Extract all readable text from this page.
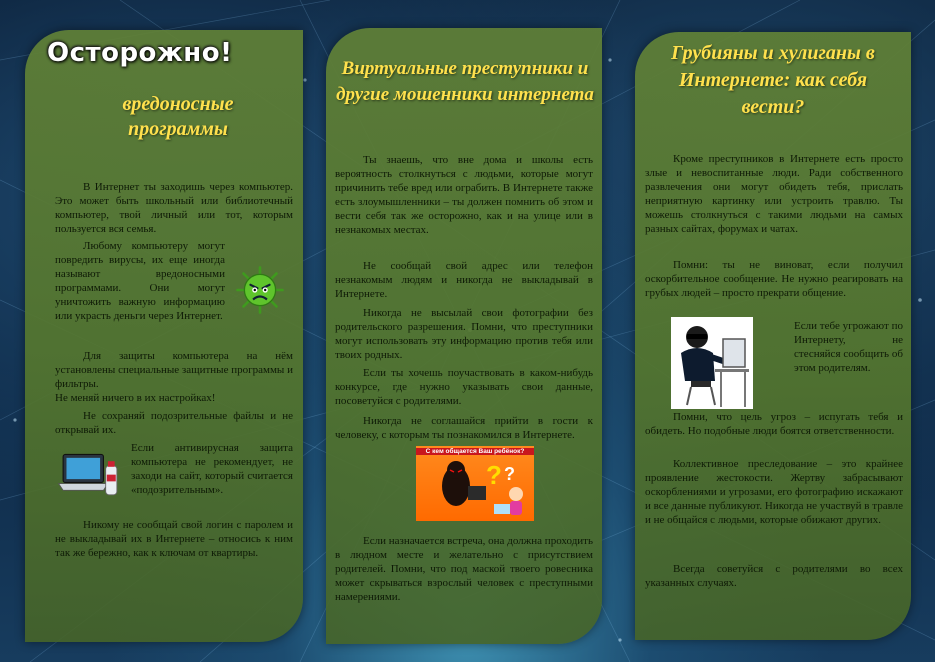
Осторожно!
вредоносные программы

В Интернет ты заходишь через компьютер. Это может быть школьный или библиотечный компьютер, твой личный или тот, которым пользуется вся семья.

Любому компьютеру могут повредить вирусы, их еще иногда называют вредоносными программами. Они могут уничтожить важную информацию или украсть деньги через Интернет.

Для защиты компьютера на нём установлены специальные защитные программы и фильтры.

Не меняй ничего в их настройках!

Не сохраняй подозрительные файлы и не открывай их.

Если антивирусная защита компьютера не рекомендует, не заходи на сайт, который считается «подозрительным».

Никому не сообщай свой логин с паролем и не выкладывай их в Интернете – относись к ним так же бережно, как к ключам от квартиры.

Виртуальные преступники и другие мошенники интернета

Ты знаешь, что вне дома и школы есть вероятность столкнуться с людьми, которые могут причинить тебе вред или ограбить. В Интернете также есть злоумышленники – ты должен помнить об этом и вести себя так же осторожно, как и на улице или в незнакомых местах.

Не сообщай свой адрес или телефон незнакомым людям и никогда не выкладывай в Интернете.

Никогда не высылай свои фотографии без родительского разрешения. Помни, что преступники могут использовать эту информацию против тебя или твоих родных.

Если ты хочешь поучаствовать в каком-нибудь конкурсе, где нужно указывать свои данные, посоветуйся с родителями.

Никогда не соглашайся прийти в гости к человеку, с которым ты познакомился в Интернете.

С кем общается Ваш ребёнок?
? ?

Если назначается встреча, она должна проходить в людном месте и желательно с присутствием родителей. Помни, что под маской твоего ровесника может скрываться взрослый человек с преступными намерениями.

Грубияны и хулиганы в Интернете: как себя вести?

Кроме преступников в Интернете есть просто злые и невоспитанные люди. Ради собственного развлечения они могут обидеть тебя, прислать неприятную картинку или устроить травлю. Ты можешь столкнуться с такими людьми на самых разных сайтах, форумах и чатах.

Помни: ты не виноват, если получил оскорбительное сообщение. Не нужно реагировать на грубых людей – просто прекрати общение.

Если тебе угрожают по Интернету, не стесняйся сообщить об этом родителям.

Помни, что цель угроз – испугать тебя и обидеть. Но подобные люди боятся ответственности.

Коллективное преследование – это крайнее проявление жестокости. Жертву забрасывают оскорблениями и угрозами, его фотографию искажают и все данные публикуют. Никогда не участвуй в травле и не общайся с людьми, которые обижают других.

Всегда советуйся с родителями во всех указанных случаях.
